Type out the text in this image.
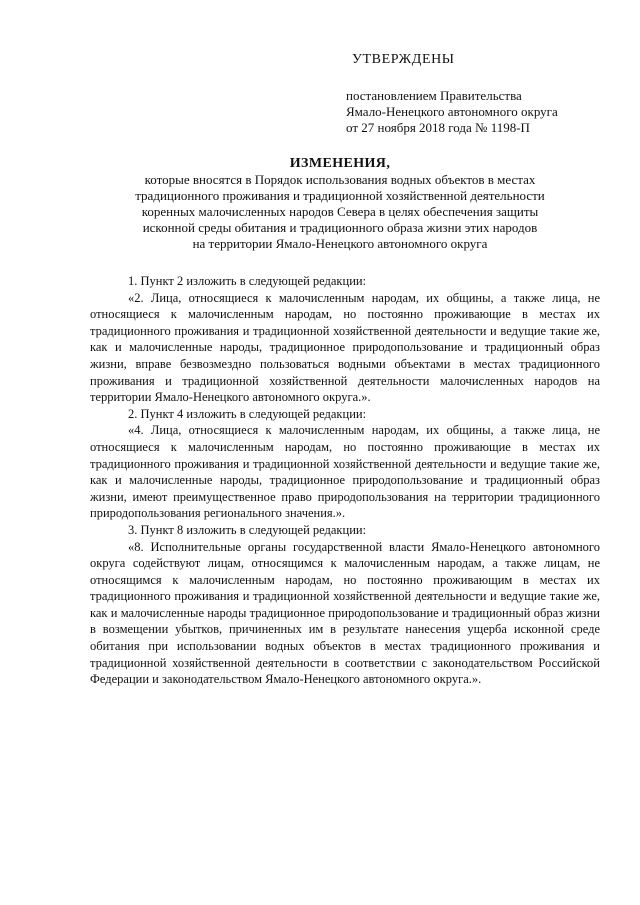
УТВЕРЖДЕНЫ
постановлением Правительства
Ямало-Ненецкого автономного округа
от 27 ноября 2018 года № 1198-П
ИЗМЕНЕНИЯ,
которые вносятся в Порядок использования водных объектов в местах
традиционного проживания и традиционной хозяйственной деятельности
коренных малочисленных народов Севера в целях обеспечения защиты
исконной среды обитания и традиционного образа жизни этих народов
на территории Ямало-Ненецкого автономного округа

1. Пункт 2 изложить в следующей редакции:

«2. Лица, относящиеся к малочисленным народам, их общины, а также лица, не относящиеся к малочисленным народам, но постоянно проживающие в местах их традиционного проживания и традиционной хозяйственной деятельности и ведущие такие же, как и малочисленные народы, традиционное природопользование и традиционный образ жизни, вправе безвозмездно пользоваться водными объектами в местах традиционного проживания и традиционной хозяйственной деятельности малочисленных народов на территории Ямало-Ненецкого автономного округа.».

2. Пункт 4 изложить в следующей редакции:

«4. Лица, относящиеся к малочисленным народам, их общины, а также лица, не относящиеся к малочисленным народам, но постоянно проживающие в местах их традиционного проживания и традиционной хозяйственной деятельности и ведущие такие же, как и малочисленные народы, традиционное природопользование и традиционный образ жизни, имеют преимущественное право природопользования на территории традиционного природопользования регионального значения.».

3. Пункт 8 изложить в следующей редакции:

«8. Исполнительные органы государственной власти Ямало-Ненецкого автономного округа содействуют лицам, относящимся к малочисленным народам, а также лицам, не относящимся к малочисленным народам, но постоянно проживающим в местах их традиционного проживания и традиционной хозяйственной деятельности и ведущие такие же, как и малочисленные народы традиционное природопользование и традиционный образ жизни в возмещении убытков, причиненных им в результате нанесения ущерба исконной среде обитания при использовании водных объектов в местах традиционного проживания и традиционной хозяйственной деятельности в соответствии с законодательством Российской Федерации и законодательством Ямало-Ненецкого автономного округа.».
